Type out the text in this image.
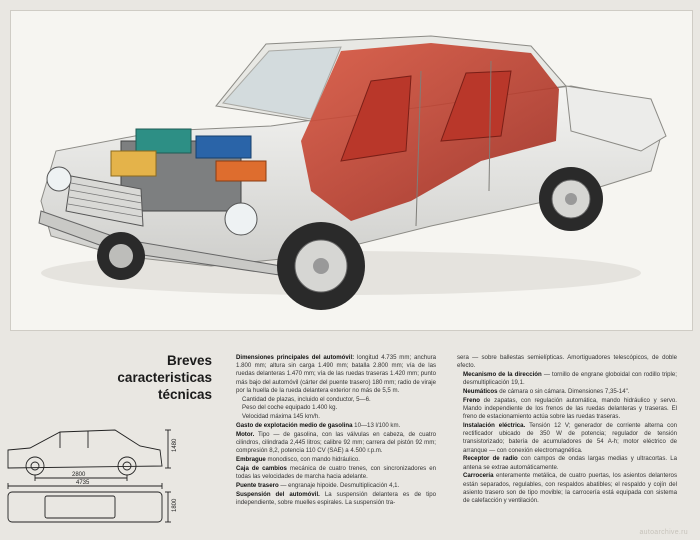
Breves
caracteristicas
técnicas
1480
2800
4735
1800

Dimensiones principales del automóvil: longitud 4.735 mm; anchura 1.800 mm; altura sin carga 1.490 mm; batalla 2.800 mm; vía de las ruedas delanteras 1.470 mm; vía de las ruedas traseras 1.420 mm; punto más bajo del automóvil (cárter del puente trasero) 180 mm; radio de viraje por la huella de la rueda delantera exterior no más de 5,5 m.

Cantidad de plazas, incluido el conductor, 5—6.

Peso del coche equipado 1.400 kg.

Velocidad máxima 145 km/h.

Gasto de explotación medio de gasolina 10—13 l/100 km.

Motor. Tipo — de gasolina, con las válvulas en cabeza, de cuatro cilindros, cilindrada 2,445 litros; calibre 92 mm; carrera del pistón 92 mm; compresión 8,2, potencia 110 CV (SAE) a 4.500 r.p.m.

Embrague monodisco, con mando hidráulico.

Caja de cambios mecánica de cuatro trenes, con sincronizadores en todas las velocidades de marcha hacia adelante.

Puente trasero — engranaje hipoide. Desmultiplicación 4,1.

Suspensión del automóvil. La suspensión delantera es de tipo independiente, sobre muelles espirales. La suspensión tra-

sera — sobre ballestas semielípticas. Amortiguadores telescópicos, de doble efecto.

Mecanismo de la dirección — tornillo de engrane globoidal con rodillo triple; desmultiplicación 19,1.

Neumáticos de cámara o sin cámara. Dimensiones 7,35-14".

Freno de zapatas, con regulación automática, mando hidráulico y servo. Mando independiente de los frenos de las ruedas delanteras y traseras. El freno de estacionamiento actúa sobre las ruedas traseras.

Instalación eléctrica. Tensión 12 V; generador de corriente alterna con rectificador ubicado de 350 W de potencia; regulador de tensión transistorizado; batería de acumuladores de 54 A-h; motor eléctrico de arranque — con conexión electromagnética.

Receptor de radio con campos de ondas largas medias y ultracortas. La antena se extrae automáticamente.

Carrocería enteramente metálica, de cuatro puertas, los asientos delanteros están separados, regulables, con respaldos abatibles; el respaldo y cojín del asiento trasero son de tipo movible; la carrocería está equipada con sistema de calefacción y ventilación.

autoarchive.ru
